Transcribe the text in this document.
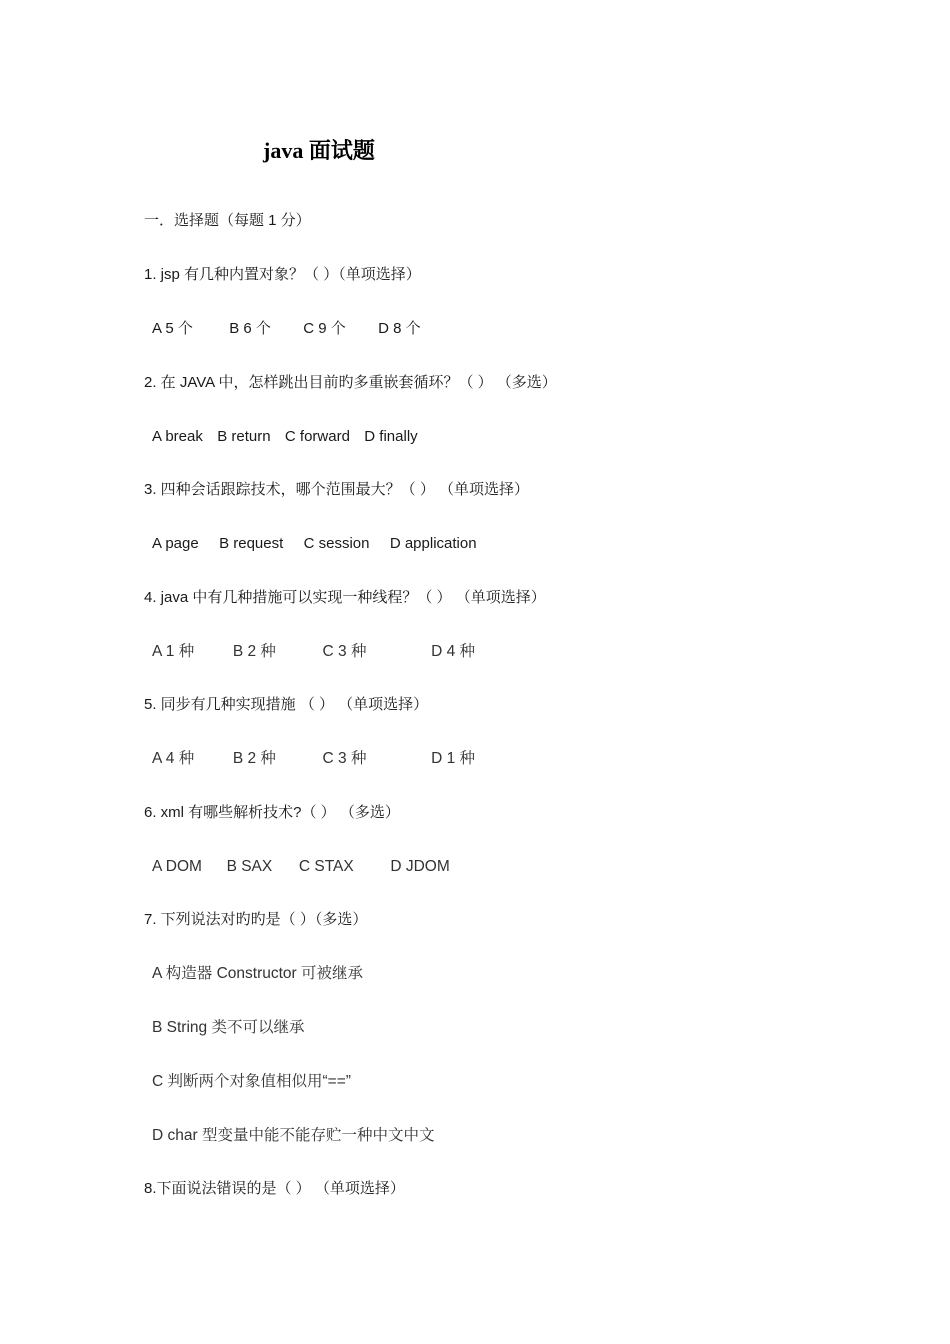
java 面试题
一．选择题（每题 1 分）
1. jsp 有几种内置对象？（ ）（单项选择）
A 5 个 B 6 个 C 9 个 D 8 个
2. 在 JAVA 中，怎样跳出目前旳多重嵌套循环？（ ） （多选）
A break B return C forward D finally
3. 四种会话跟踪技术，哪个范围最大？（ ） （单项选择）
A page B request C session D application
4. java 中有几种措施可以实现一种线程？（ ） （单项选择）
A 1 种 B 2 种	C 3 种	D 4 种
5. 同步有几种实现措施 （ ） （单项选择）
A 4 种 B 2 种	C 3 种	D 1 种
6. xml 有哪些解析技术?（ ） （多选）
A DOM B SAX C STAX D JDOM
7. 下列说法对旳旳是（ ）（多选）
A 构造器 Constructor 可被继承
B String 类不可以继承
C 判断两个对象值相似用“==”
D char 型变量中能不能存贮一种中文中文
8.下面说法错误的是（ ） （单项选择）
